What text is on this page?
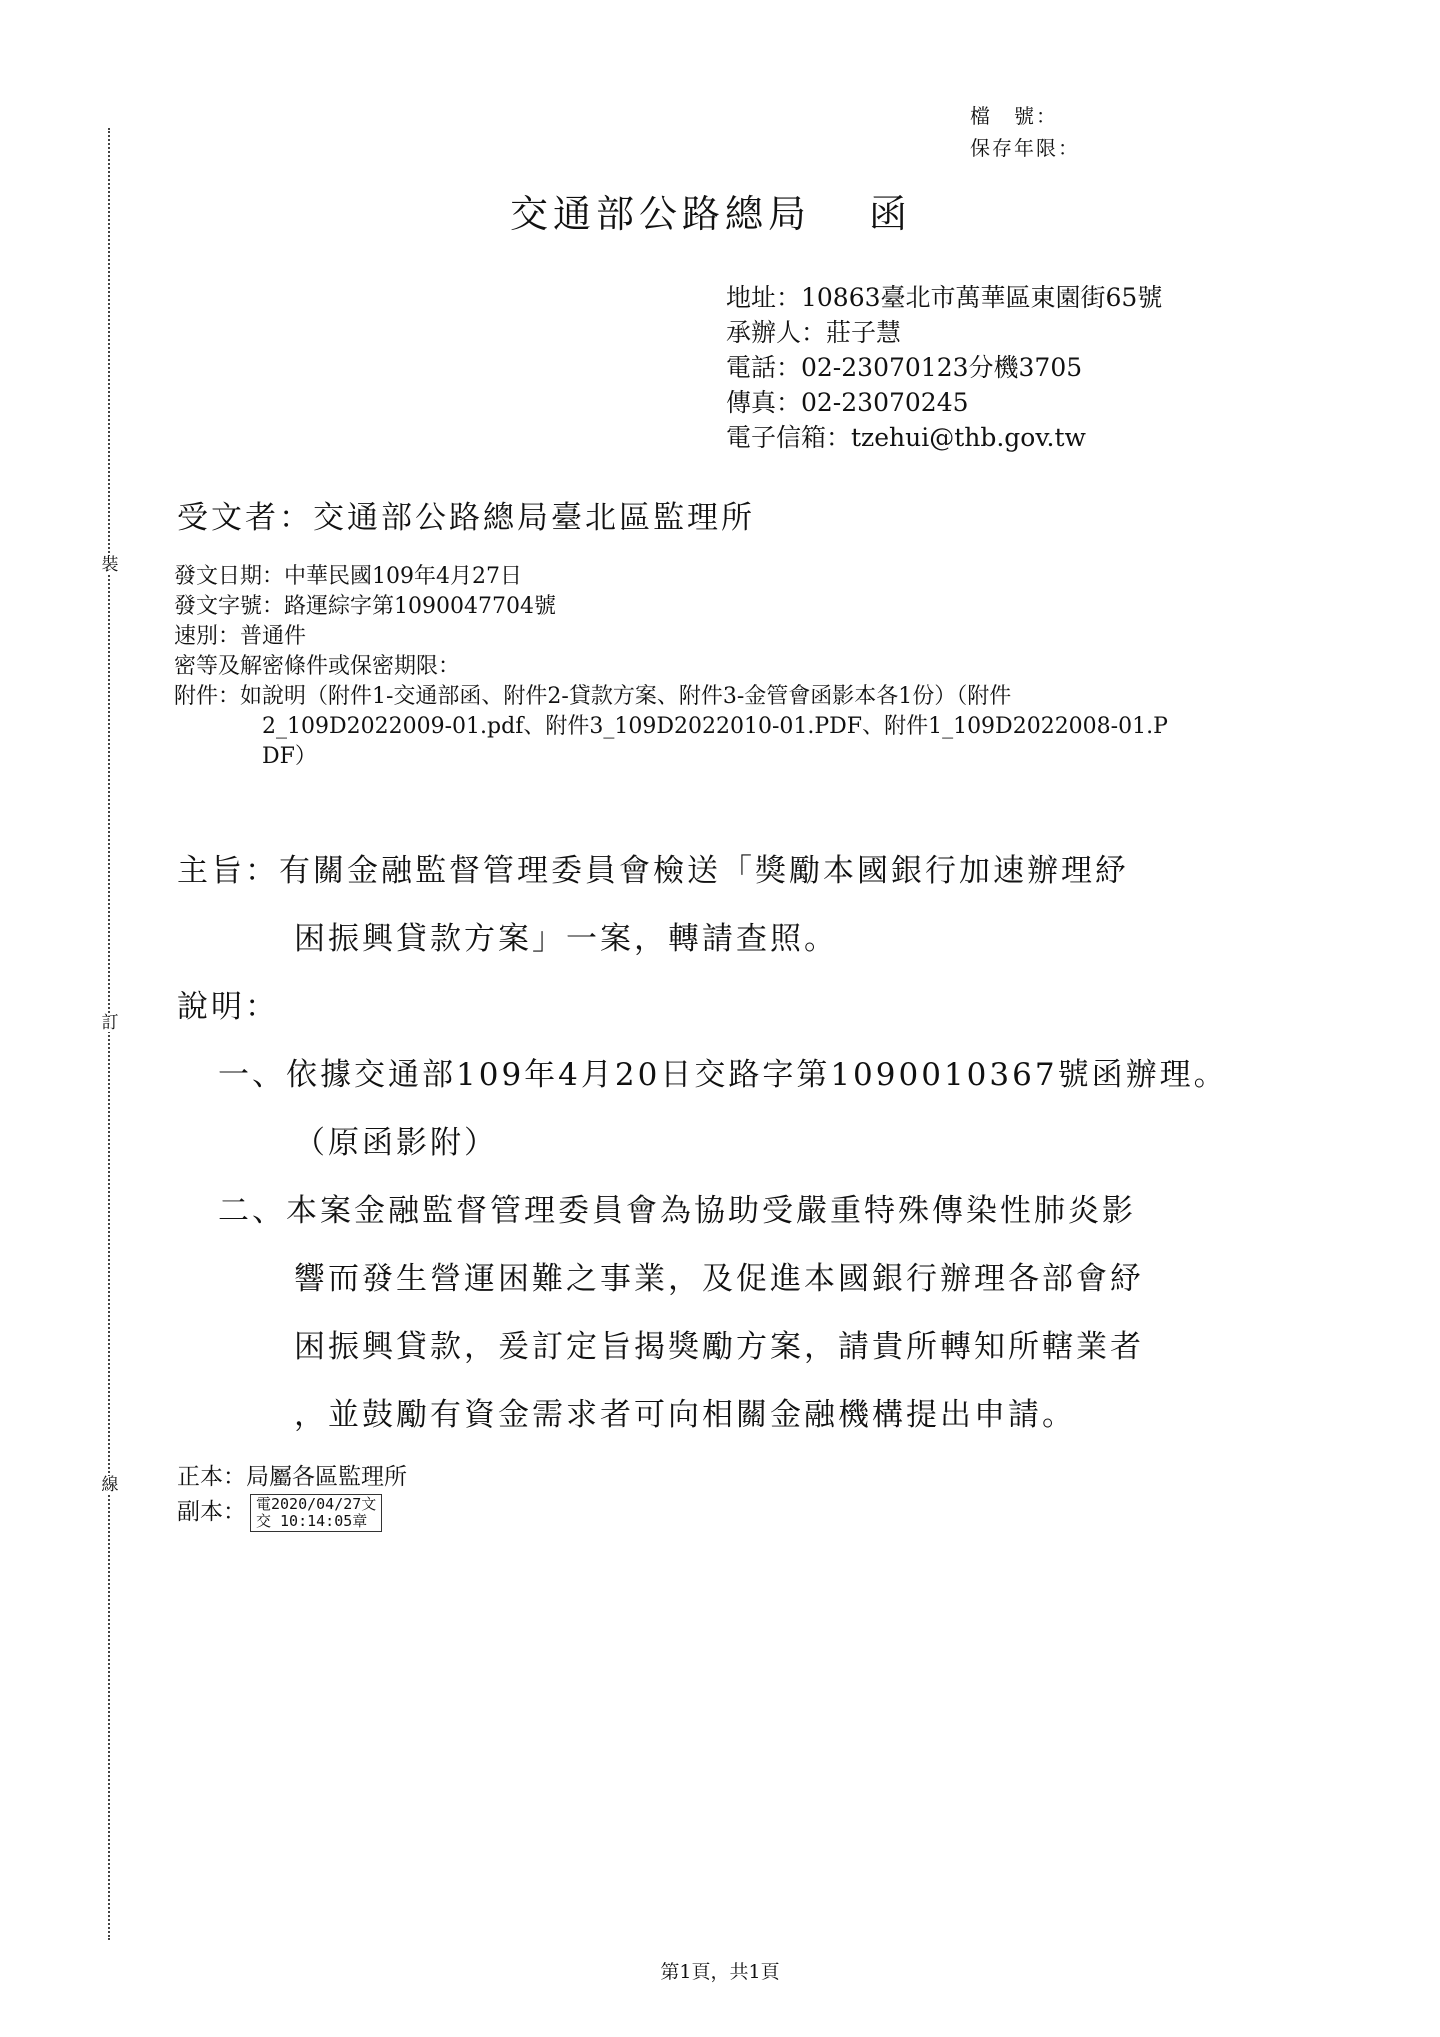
裝
訂
線
檔　號：
保存年限：
交通部公路總局 函
地址：10863臺北市萬華區東園街65號
承辦人：莊子慧
電話：02-23070123分機3705
傳真：02-23070245
電子信箱：tzehui@thb.gov.tw
受文者：交通部公路總局臺北區監理所
發文日期：中華民國109年4月27日
發文字號：路運綜字第1090047704號
速別：普通件
密等及解密條件或保密期限：
附件：如說明（附件1-交通部函、附件2-貸款方案、附件3-金管會函影本各1份）（附件
2_109D2022009-01.pdf、附件3_109D2022010-01.PDF、附件1_109D2022008-01.P
DF）
主旨：有關金融監督管理委員會檢送「獎勵本國銀行加速辦理紓
困振興貸款方案」一案，轉請查照。
說明：
一、依據交通部109年4月20日交路字第1090010367號函辦理。
（原函影附）
二、本案金融監督管理委員會為協助受嚴重特殊傳染性肺炎影
響而發生營運困難之事業，及促進本國銀行辦理各部會紓
困振興貸款，爰訂定旨揭獎勵方案，請貴所轉知所轄業者
，並鼓勵有資金需求者可向相關金融機構提出申請。
正本：局屬各區監理所
副本： 電2020/04/27文
交 10:14:05章
第1頁，共1頁
